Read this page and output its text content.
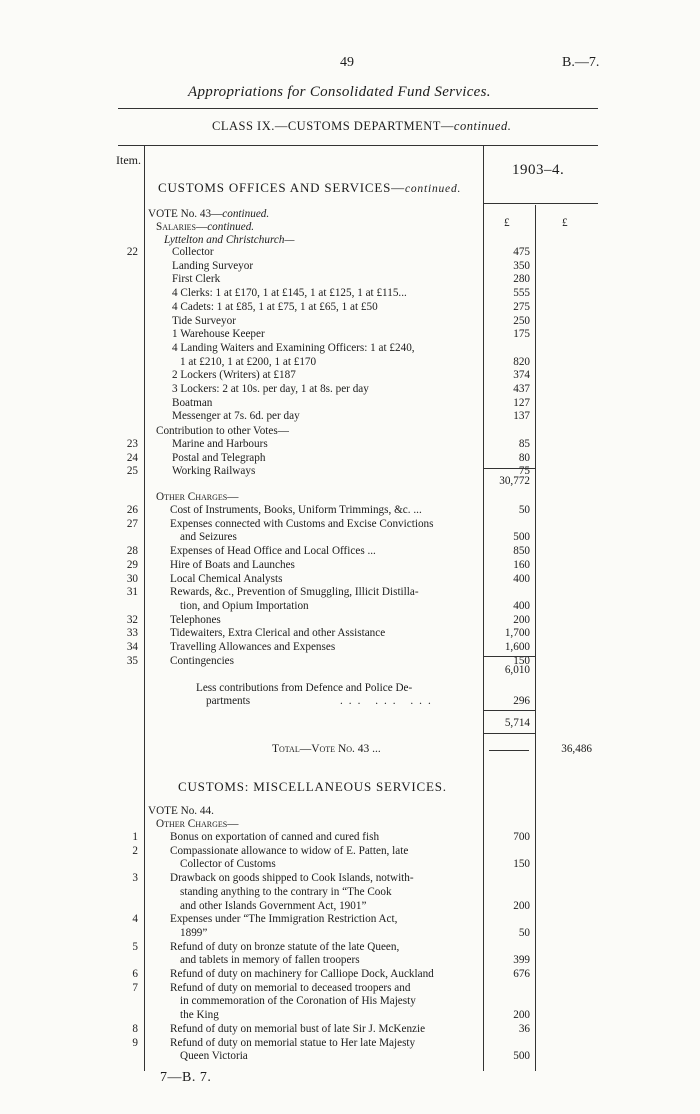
49	B.—7.
Appropriations for Consolidated Fund Services.
CLASS IX.—CUSTOMS DEPARTMENT—continued.
Item.
1903–4.
£	£
CUSTOMS OFFICES AND SERVICES—continued.
VOTE No. 43—continued.
Salaries—continued.
Lyttelton and Christchurch—
22	Collector	475
Landing Surveyor	350
First Clerk	280
4 Clerks: 1 at £170, 1 at £145, 1 at £125, 1 at £115...	555
4 Cadets: 1 at £85, 1 at £75, 1 at £65, 1 at £50	275
Tide Surveyor	250
1 Warehouse Keeper	175
4 Landing Waiters and Examining Officers: 1 at £240,
1 at £210, 1 at £200, 1 at £170	820
2 Lockers (Writers) at £187	374
3 Lockers: 2 at 10s. per day, 1 at 8s. per day	437
Boatman	127
Messenger at 7s. 6d. per day	137
Contribution to other Votes—
23	Marine and Harbours	85
24	Postal and Telegraph	80
25	Working Railways	75
30,772
Other Charges—
26	Cost of Instruments, Books, Uniform Trimmings, &c. ...	50
27	Expenses connected with Customs and Excise Convictions
and Seizures	500
28	Expenses of Head Office and Local Offices ...	850
29	Hire of Boats and Launches	160
30	Local Chemical Analysts	400
31	Rewards, &c., Prevention of Smuggling, Illicit Distilla-
tion, and Opium Importation	400
32	Telephones	200
33	Tidewaiters, Extra Clerical and other Assistance	1,700
34	Travelling Allowances and Expenses	1,600
35	Contingencies	150
6,010
Less contributions from Defence and Police De-
partments	... ... ...	296
5,714
Total—Vote No. 43 ...	36,486
CUSTOMS: MISCELLANEOUS SERVICES.
VOTE No. 44.
Other Charges—
1	Bonus on exportation of canned and cured fish	700
2	Compassionate allowance to widow of E. Patten, late
Collector of Customs	150
3	Drawback on goods shipped to Cook Islands, notwith-
standing anything to the contrary in “The Cook
and other Islands Government Act, 1901”	200
4	Expenses under “The Immigration Restriction Act,
1899”	50
5	Refund of duty on bronze statute of the late Queen,
and tablets in memory of fallen troopers	399
6	Refund of duty on machinery for Calliope Dock, Auckland	676
7	Refund of duty on memorial to deceased troopers and
in commemoration of the Coronation of His Majesty
the King	200
8	Refund of duty on memorial bust of late Sir J. McKenzie	36
9	Refund of duty on memorial statue to Her late Majesty
Queen Victoria	500
7—B. 7.
